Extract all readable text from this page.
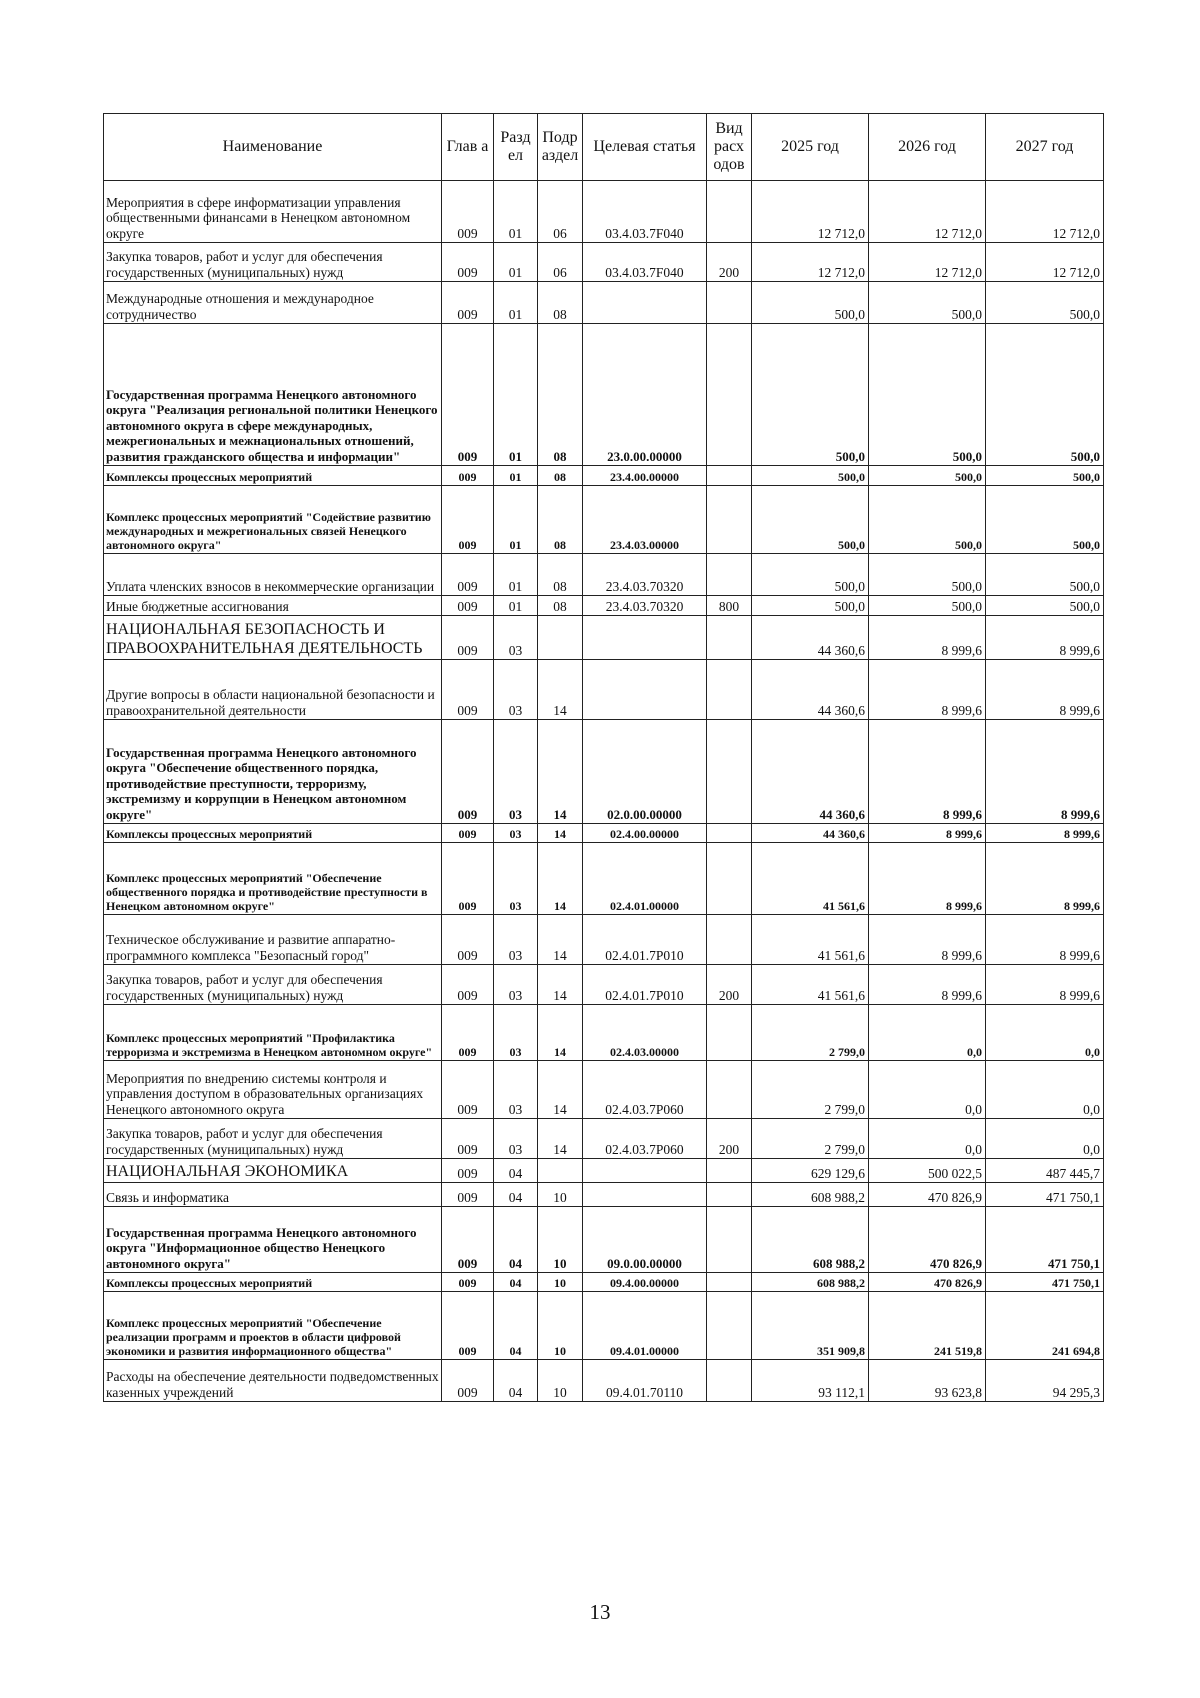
Наименование	Глав а	Разд ел	Подр аздел	Целевая статья	Вид расх одов	2025 год	2026 год	2027 год
Мероприятия в сфере информатизации управления общественными финансами в Ненецком автономном округе	009	01	06	03.4.03.7F040		12 712,0	12 712,0	12 712,0
Закупка товаров, работ и услуг для обеспечения государственных (муниципальных) нужд	009	01	06	03.4.03.7F040	200	12 712,0	12 712,0	12 712,0
Международные отношения и международное сотрудничество	009	01	08			500,0	500,0	500,0
Государственная программа Ненецкого автономного округа "Реализация региональной политики Ненецкого автономного округа в сфере международных, межрегиональных и межнациональных отношений, развития гражданского общества и информации"	009	01	08	23.0.00.00000		500,0	500,0	500,0
Комплексы процессных мероприятий	009	01	08	23.4.00.00000		500,0	500,0	500,0
Комплекс процессных мероприятий "Содействие развитию международных и межрегиональных связей Ненецкого автономного округа"	009	01	08	23.4.03.00000		500,0	500,0	500,0
Уплата членских взносов в некоммерческие организации	009	01	08	23.4.03.70320		500,0	500,0	500,0
Иные бюджетные ассигнования	009	01	08	23.4.03.70320	800	500,0	500,0	500,0
НАЦИОНАЛЬНАЯ БЕЗОПАСНОСТЬ И ПРАВООХРАНИТЕЛЬНАЯ ДЕЯТЕЛЬНОСТЬ	009	03				44 360,6	8 999,6	8 999,6
Другие вопросы в области национальной безопасности и правоохранительной деятельности	009	03	14			44 360,6	8 999,6	8 999,6
Государственная программа Ненецкого автономного округа "Обеспечение общественного порядка, противодействие преступности, терроризму, экстремизму и коррупции в Ненецком автономном округе"	009	03	14	02.0.00.00000		44 360,6	8 999,6	8 999,6
Комплексы процессных мероприятий	009	03	14	02.4.00.00000		44 360,6	8 999,6	8 999,6
Комплекс процессных мероприятий "Обеспечение общественного порядка и противодействие преступности в Ненецком автономном округе"	009	03	14	02.4.01.00000		41 561,6	8 999,6	8 999,6
Техническое обслуживание и развитие аппаратно-программного комплекса "Безопасный город"	009	03	14	02.4.01.7P010		41 561,6	8 999,6	8 999,6
Закупка товаров, работ и услуг для обеспечения государственных (муниципальных) нужд	009	03	14	02.4.01.7P010	200	41 561,6	8 999,6	8 999,6
Комплекс процессных мероприятий "Профилактика терроризма и экстремизма в Ненецком автономном округе"	009	03	14	02.4.03.00000		2 799,0	0,0	0,0
Мероприятия по внедрению системы контроля и управления доступом в образовательных организациях Ненецкого автономного округа	009	03	14	02.4.03.7P060		2 799,0	0,0	0,0
Закупка товаров, работ и услуг для обеспечения государственных (муниципальных) нужд	009	03	14	02.4.03.7P060	200	2 799,0	0,0	0,0
НАЦИОНАЛЬНАЯ ЭКОНОМИКА	009	04				629 129,6	500 022,5	487 445,7
Связь и информатика	009	04	10			608 988,2	470 826,9	471 750,1
Государственная программа Ненецкого автономного округа "Информационное общество Ненецкого автономного округа"	009	04	10	09.0.00.00000		608 988,2	470 826,9	471 750,1
Комплексы процессных мероприятий	009	04	10	09.4.00.00000		608 988,2	470 826,9	471 750,1
Комплекс процессных мероприятий "Обеспечение реализации программ и проектов в области цифровой экономики и развития информационного общества"	009	04	10	09.4.01.00000		351 909,8	241 519,8	241 694,8
Расходы на обеспечение деятельности подведомственных казенных учреждений	009	04	10	09.4.01.70110		93 112,1	93 623,8	94 295,3
13
